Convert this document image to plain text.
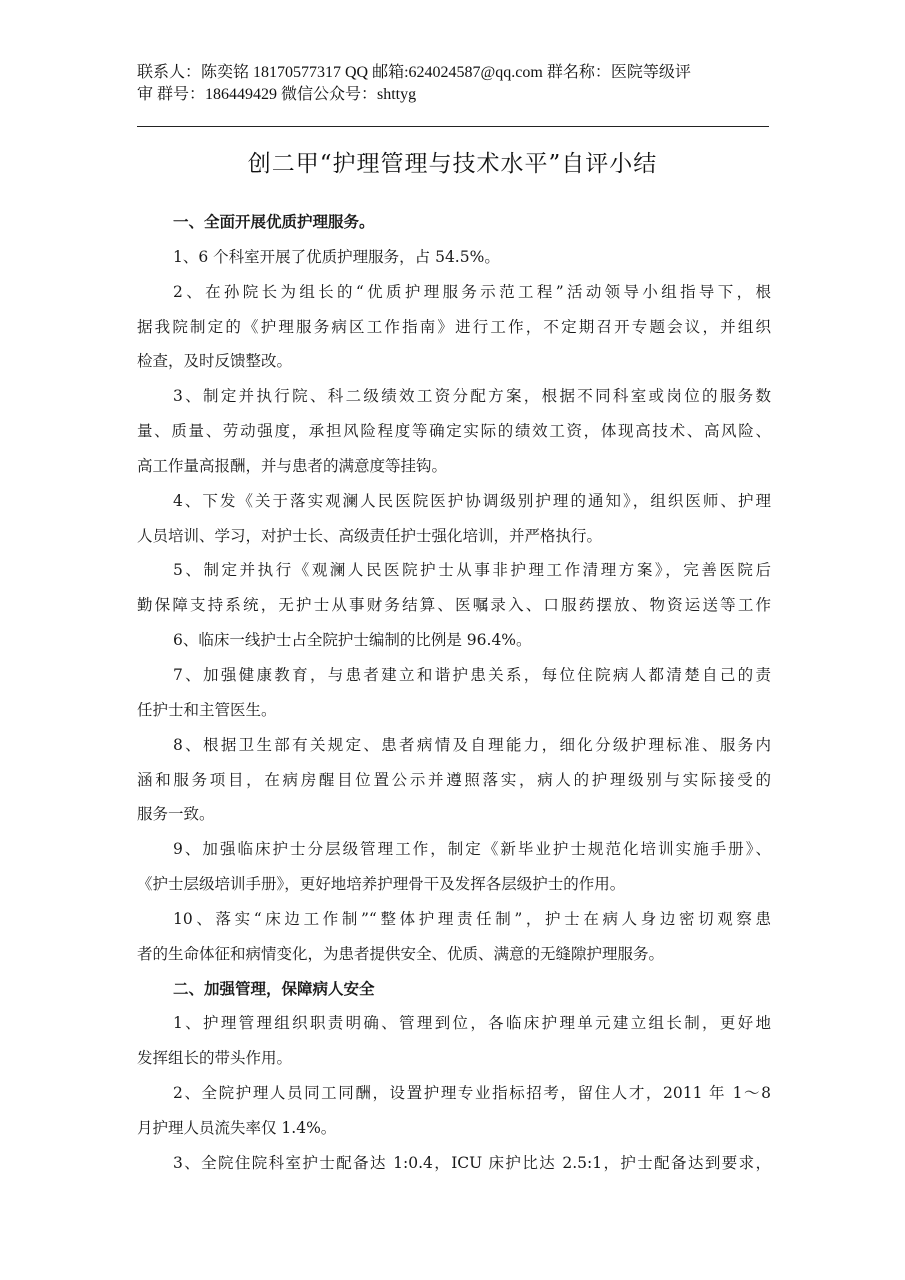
联系人：陈奕铭 18170577317 QQ 邮箱:624024587@qq.com 群名称：医院等级评
审 群号：186449429 微信公众号：shttyg
创二甲“护理管理与技术水平”自评小结
一、全面开展优质护理服务。
1、6 个科室开展了优质护理服务，占 54.5%。
2、在孙院长为组长的“优质护理服务示范工程”活动领导小组指导下，根
据我院制定的《护理服务病区工作指南》进行工作，不定期召开专题会议，并组织
检查，及时反馈整改。
3、制定并执行院、科二级绩效工资分配方案，根据不同科室或岗位的服务数
量、质量、劳动强度，承担风险程度等确定实际的绩效工资，体现高技术、高风险、
高工作量高报酬，并与患者的满意度等挂钩。
4、下发《关于落实观澜人民医院医护协调级别护理的通知》，组织医师、护理
人员培训、学习，对护士长、高级责任护士强化培训，并严格执行。
5、制定并执行《观澜人民医院护士从事非护理工作清理方案》，完善医院后
勤保障支持系统，无护士从事财务结算、医嘱录入、口服药摆放、物资运送等工作
6、临床一线护士占全院护士编制的比例是 96.4%。
7、加强健康教育，与患者建立和谐护患关系，每位住院病人都清楚自己的责
任护士和主管医生。
8、根据卫生部有关规定、患者病情及自理能力，细化分级护理标准、服务内
涵和服务项目，在病房醒目位置公示并遵照落实，病人的护理级别与实际接受的
服务一致。
9、加强临床护士分层级管理工作，制定《新毕业护士规范化培训实施手册》、
《护士层级培训手册》，更好地培养护理骨干及发挥各层级护士的作用。
10、落实“床边工作制”“整体护理责任制”，护士在病人身边密切观察患
者的生命体征和病情变化，为患者提供安全、优质、满意的无缝隙护理服务。
二、加强管理，保障病人安全
1、护理管理组织职责明确、管理到位，各临床护理单元建立组长制，更好地
发挥组长的带头作用。
2、全院护理人员同工同酬，设置护理专业指标招考，留住人才，2011 年 1～8
月护理人员流失率仅 1.4%。
3、全院住院科室护士配备达 1:0.4，ICU 床护比达 2.5:1，护士配备达到要求，
